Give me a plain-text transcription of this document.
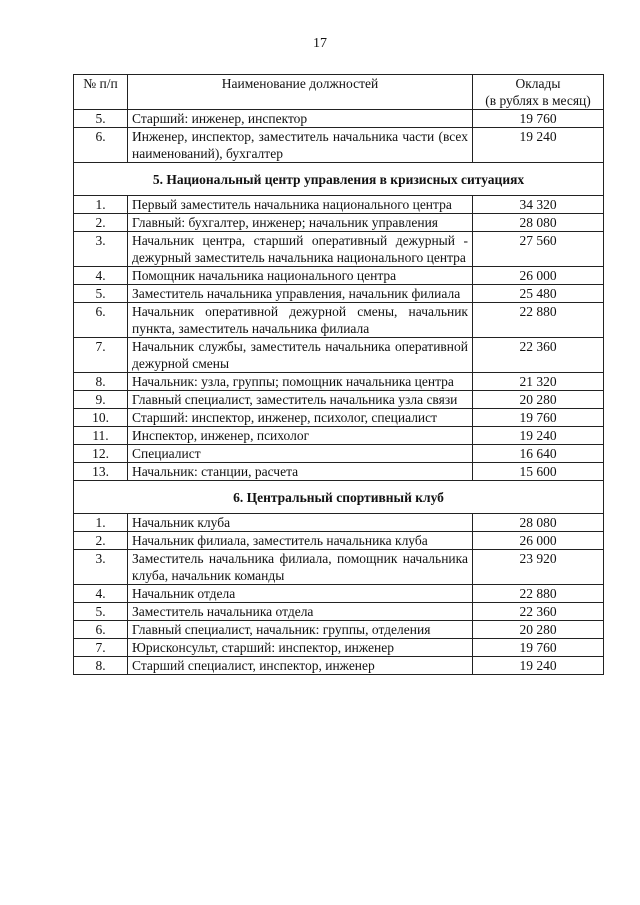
17
№ п/п	Наименование должностей	Оклады
(в рублях в месяц)

5.	Старший: инженер, инспектор	19 760
6.	Инженер, инспектор, заместитель начальника части (всех наименований), бухгалтер	19 240
5. Национальный центр управления в кризисных ситуациях		
1.	Первый заместитель начальника национального центра	34 320
2.	Главный: бухгалтер, инженер; начальник управления	28 080
3.	Начальник центра, старший оперативный дежурный - дежурный заместитель начальника национального центра	27 560
4.	Помощник начальника национального центра	26 000
5.	Заместитель начальника управления, начальник филиала	25 480
6.	Начальник оперативной дежурной смены, начальник пункта, заместитель начальника филиала	22 880
7.	Начальник службы, заместитель начальника оперативной дежурной смены	22 360
8.	Начальник: узла, группы; помощник начальника центра	21 320
9.	Главный специалист, заместитель начальника узла связи	20 280
10.	Старший: инспектор, инженер, психолог, специалист	19 760
11.	Инспектор, инженер, психолог	19 240
12.	Специалист	16 640
13.	Начальник: станции, расчета	15 600
6. Центральный спортивный клуб		
1.	Начальник клуба	28 080
2.	Начальник филиала, заместитель начальника клуба	26 000
3.	Заместитель начальника филиала, помощник начальника клуба, начальник команды	23 920
4.	Начальник отдела	22 880
5.	Заместитель начальника отдела	22 360
6.	Главный специалист, начальник: группы, отделения	20 280
7.	Юрисконсульт, старший: инспектор, инженер	19 760
8.	Старший специалист, инспектор, инженер	19 240
